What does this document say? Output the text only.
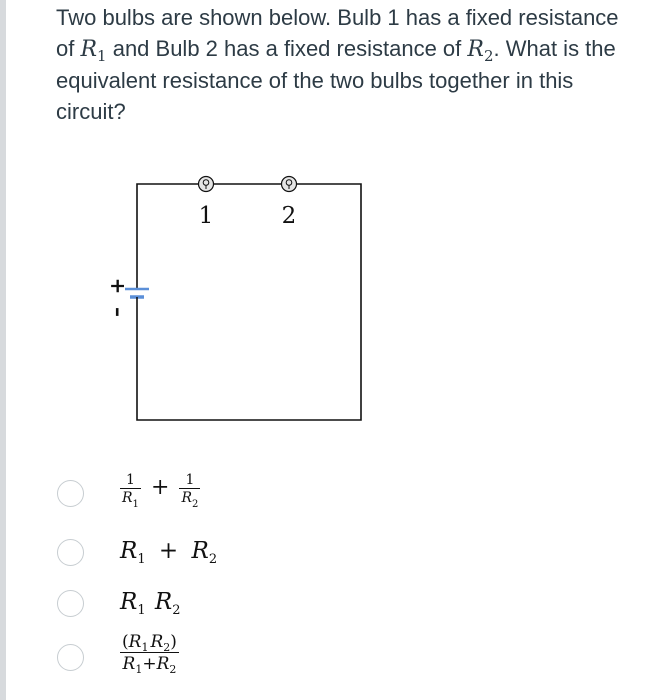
Two bulbs are shown below. Bulb 1 has a fixed resistance of $R_1$ and Bulb 2 has a fixed resistance of $R_2$. What is the equivalent resistance of the two bulbs together in this circuit?
1	2
+
–
$\frac{1}{R_1} + \frac{1}{R_2}$
$R_1 + R_2$
$R_1$ $R_2$
$\frac{(R_1 R_2)}{R_1+R_2}$
